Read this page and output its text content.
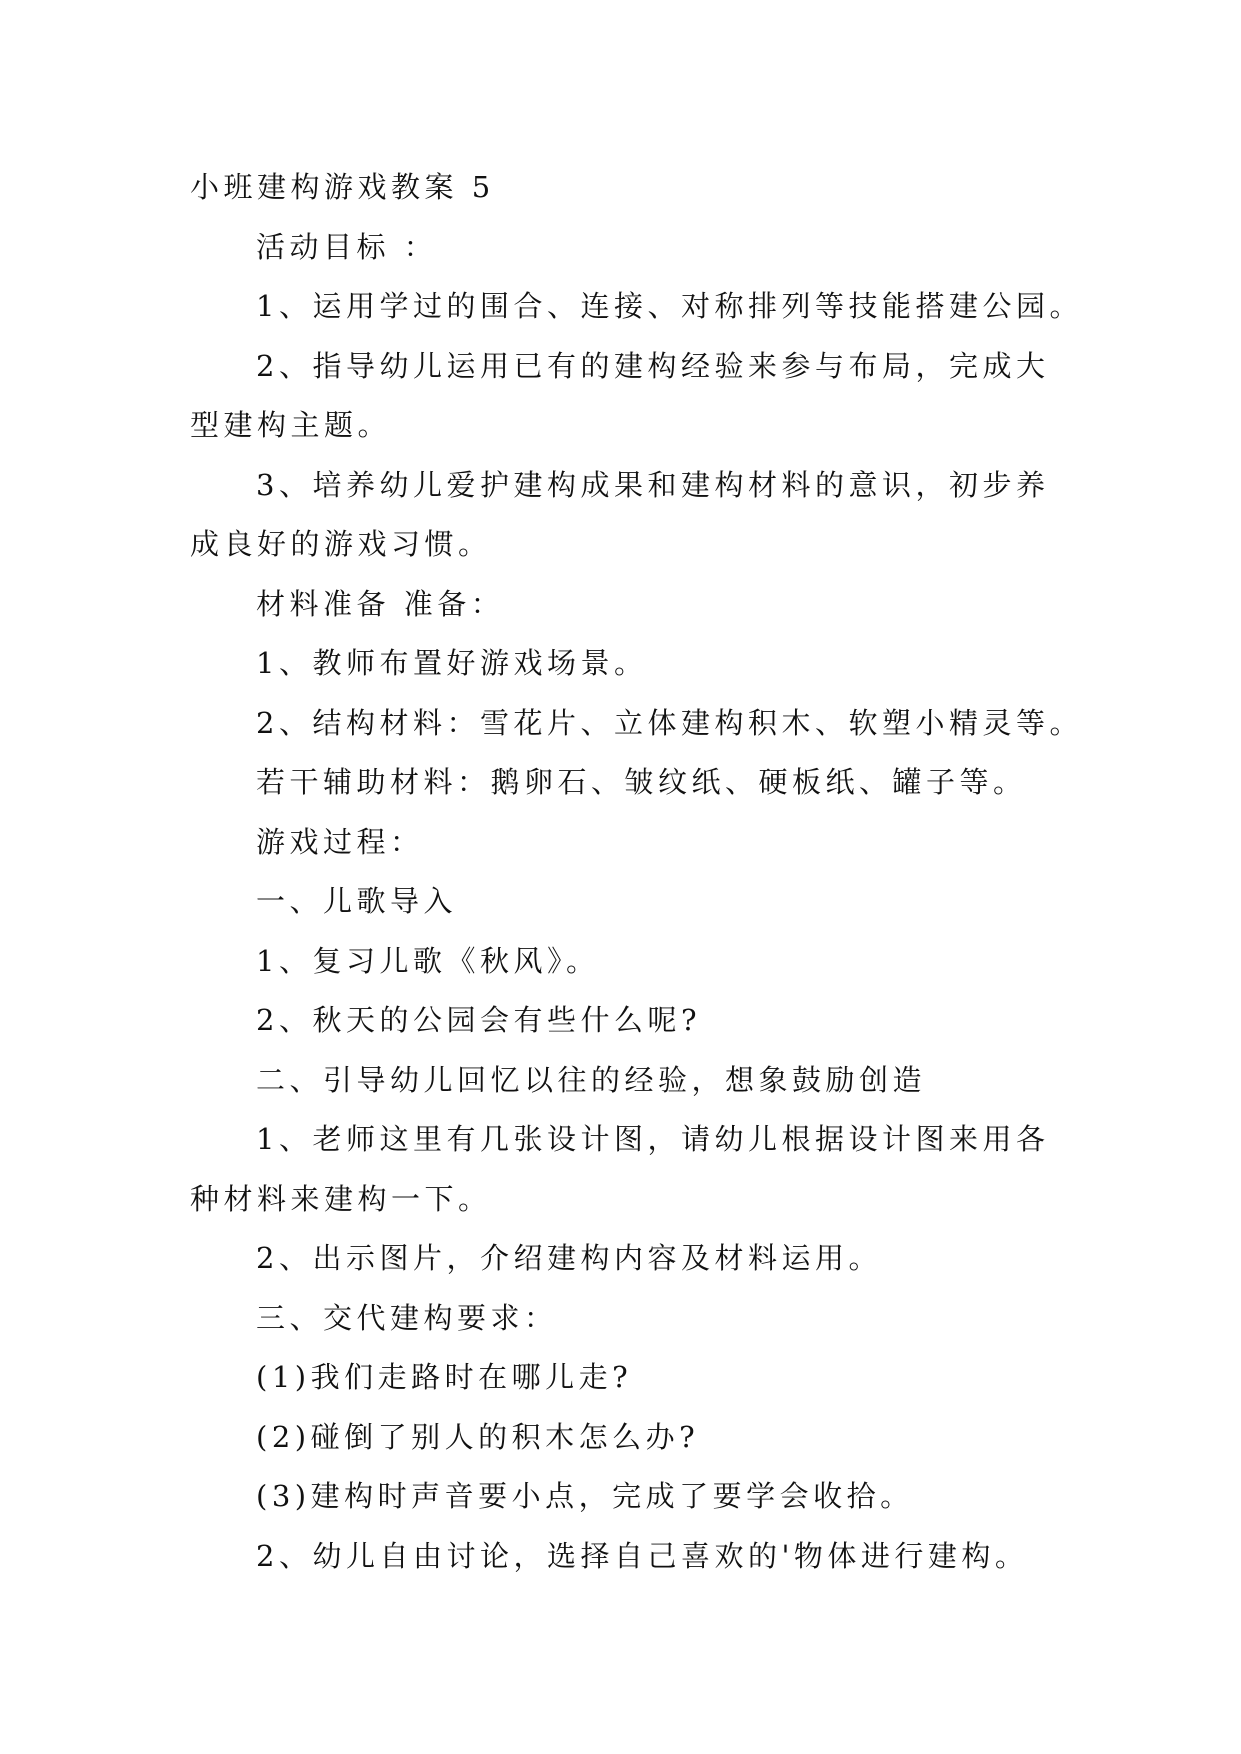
小班建构游戏教案 5
活动目标 ：
1、运用学过的围合、连接、对称排列等技能搭建公园。
2、指导幼儿运用已有的建构经验来参与布局，完成大
型建构主题。
3、培养幼儿爱护建构成果和建构材料的意识，初步养
成良好的游戏习惯。
材料准备 准备：
1、教师布置好游戏场景。
2、结构材料：雪花片、立体建构积木、软塑小精灵等。
若干辅助材料：鹅卵石、皱纹纸、硬板纸、罐子等。
游戏过程：
一、儿歌导入
1、复习儿歌《秋风》。
2、秋天的公园会有些什么呢?
二、引导幼儿回忆以往的经验，想象鼓励创造
1、老师这里有几张设计图，请幼儿根据设计图来用各
种材料来建构一下。
2、出示图片，介绍建构内容及材料运用。
三、交代建构要求：
(1)我们走路时在哪儿走?
(2)碰倒了别人的积木怎么办?
(3)建构时声音要小点，完成了要学会收拾。
2、幼儿自由讨论，选择自己喜欢的'物体进行建构。
